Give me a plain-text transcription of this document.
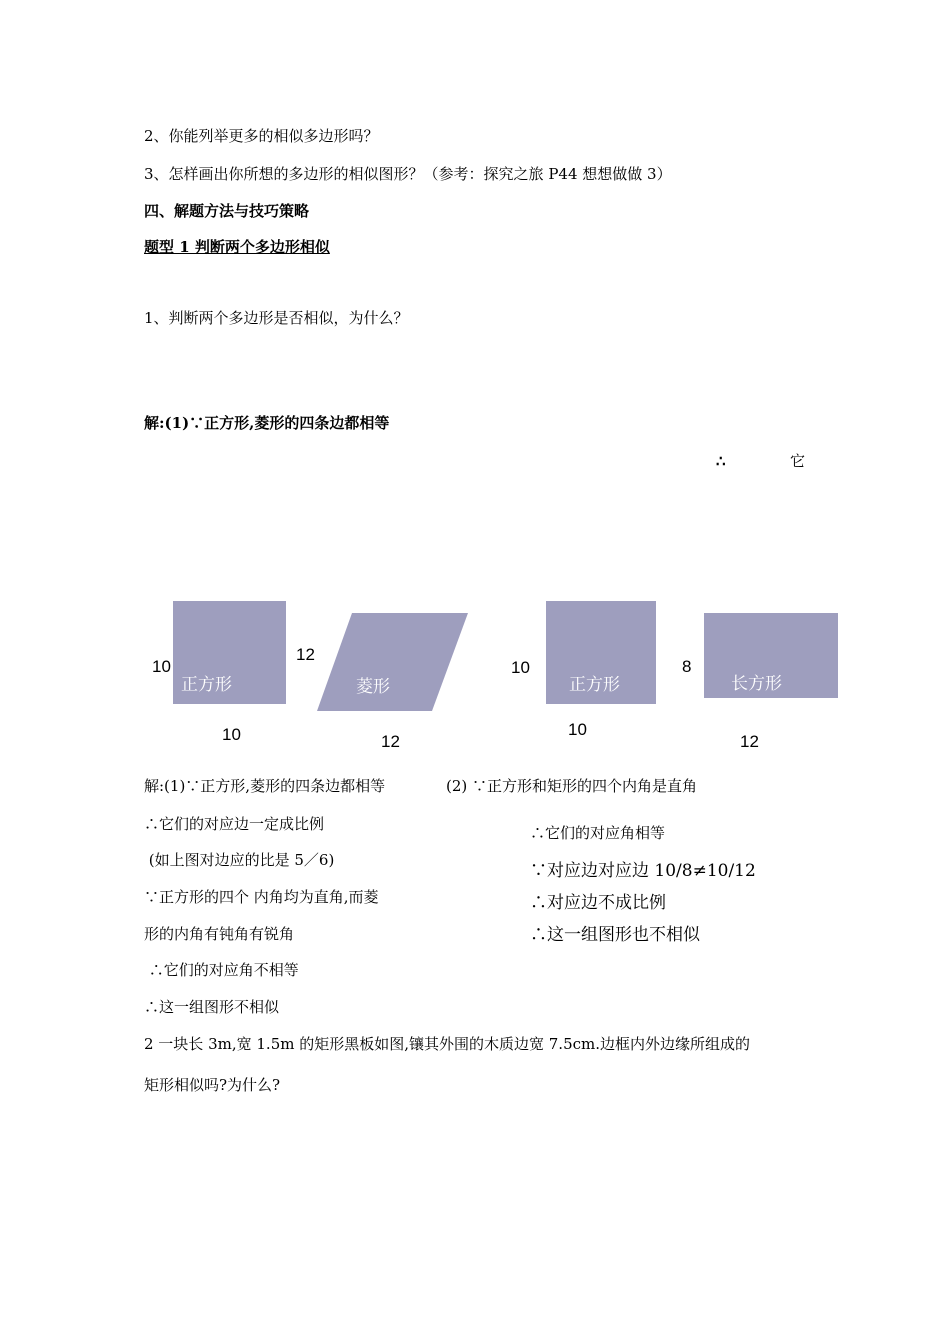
2、你能列举更多的相似多边形吗？
3、怎样画出你所想的多边形的相似图形？（参考：探究之旅 P44 想想做做 3）
四、解题方法与技巧策略
题型 1 判断两个多边形相似
1、判断两个多边形是否相似，为什么？
解:(1)∵正方形,菱形的四条边都相等
∴	它
正方形	菱形	正方形	长方形
10
10
12
12
10
10
8
12
解:(1)∵正方形,菱形的四条边都相等
∴它们的对应边一定成比例
(如上图对边应的比是 5／6)
∵正方形的四个 内角均为直角,而菱
形的内角有钝角有锐角
∴它们的对应角不相等
∴这一组图形不相似
(2) ∵正方形和矩形的四个内角是直角
∴它们的对应角相等
∵对应边对应边 10/8≠10/12
∴对应边不成比例
∴这一组图形也不相似
2 一块长 3m,宽 1.5m 的矩形黑板如图,镶其外围的木质边宽 7.5cm.边框内外边缘所组成的
矩形相似吗?为什么?
